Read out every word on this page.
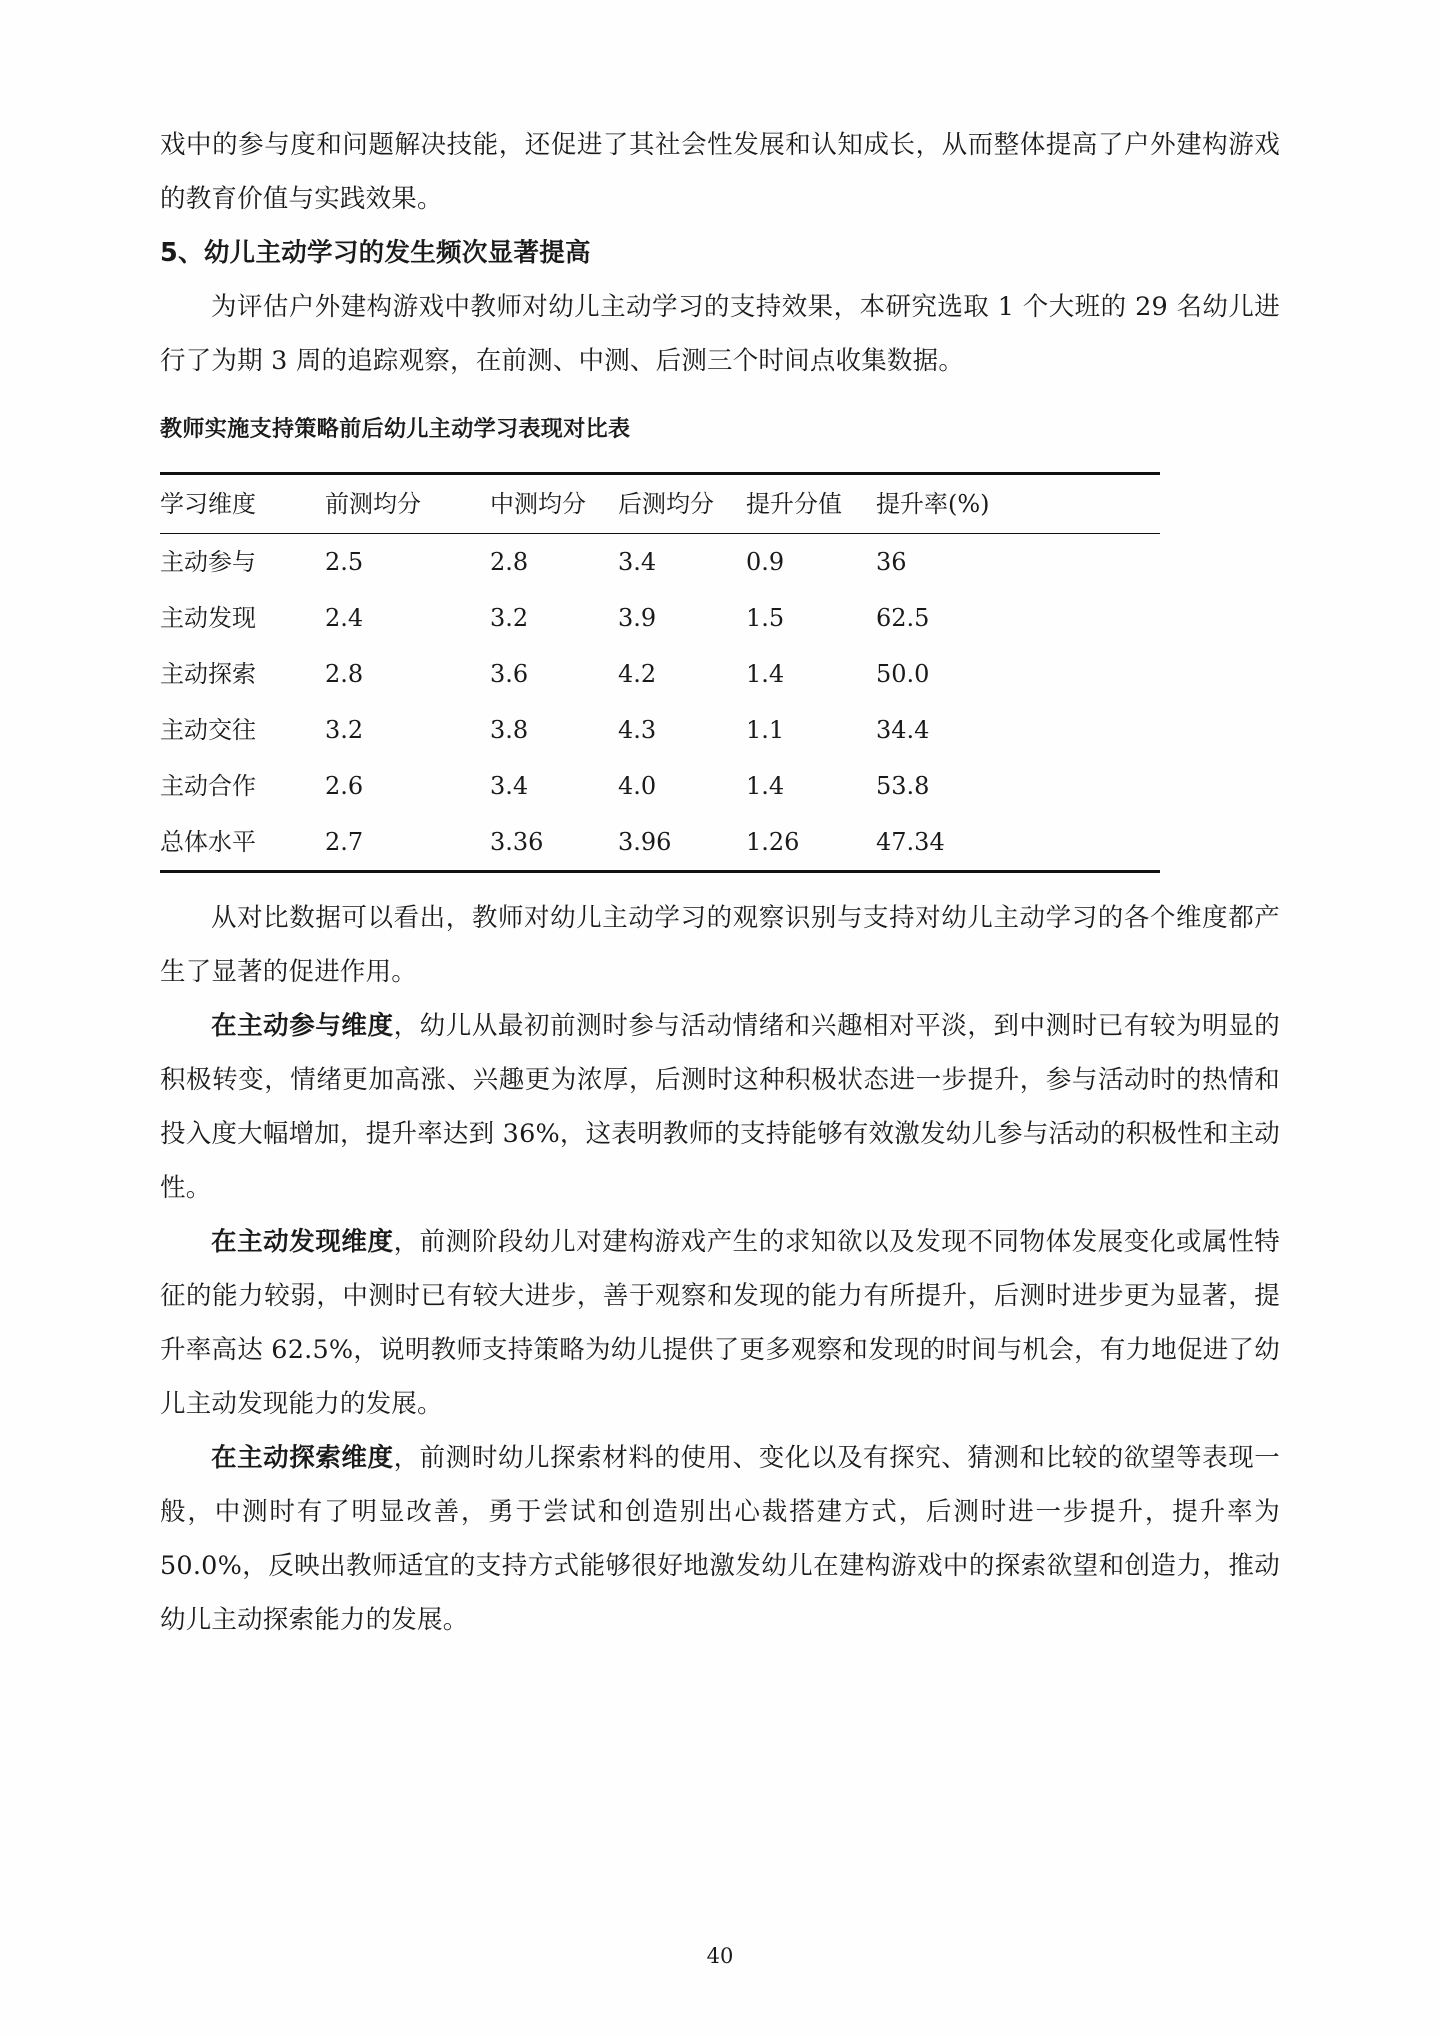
戏中的参与度和问题解决技能，还促进了其社会性发展和认知成长，从而整体提高了户外建构游戏的教育价值与实践效果。

5、幼儿主动学习的发生频次显著提高

为评估户外建构游戏中教师对幼儿主动学习的支持效果，本研究选取 1 个大班的 29 名幼儿进行了为期 3 周的追踪观察，在前测、中测、后测三个时间点收集数据。

教师实施支持策略前后幼儿主动学习表现对比表

学习维度	前测均分	中测均分	后测均分	提升分值	提升率(%)
主动参与	2.5	2.8	3.4	0.9	36
主动发现	2.4	3.2	3.9	1.5	62.5
主动探索	2.8	3.6	4.2	1.4	50.0
主动交往	3.2	3.8	4.3	1.1	34.4
主动合作	2.6	3.4	4.0	1.4	53.8
总体水平	2.7	3.36	3.96	1.26	47.34

从对比数据可以看出，教师对幼儿主动学习的观察识别与支持对幼儿主动学习的各个维度都产生了显著的促进作用。

在主动参与维度，幼儿从最初前测时参与活动情绪和兴趣相对平淡，到中测时已有较为明显的积极转变，情绪更加高涨、兴趣更为浓厚，后测时这种积极状态进一步提升，参与活动时的热情和投入度大幅增加，提升率达到 36%，这表明教师的支持能够有效激发幼儿参与活动的积极性和主动性。

在主动发现维度，前测阶段幼儿对建构游戏产生的求知欲以及发现不同物体发展变化或属性特征的能力较弱，中测时已有较大进步，善于观察和发现的能力有所提升，后测时进步更为显著，提升率高达 62.5%，说明教师支持策略为幼儿提供了更多观察和发现的时间与机会，有力地促进了幼儿主动发现能力的发展。

在主动探索维度，前测时幼儿探索材料的使用、变化以及有探究、猜测和比较的欲望等表现一般，中测时有了明显改善，勇于尝试和创造别出心裁搭建方式，后测时进一步提升，提升率为 50.0%，反映出教师适宜的支持方式能够很好地激发幼儿在建构游戏中的探索欲望和创造力，推动幼儿主动探索能力的发展。

40
